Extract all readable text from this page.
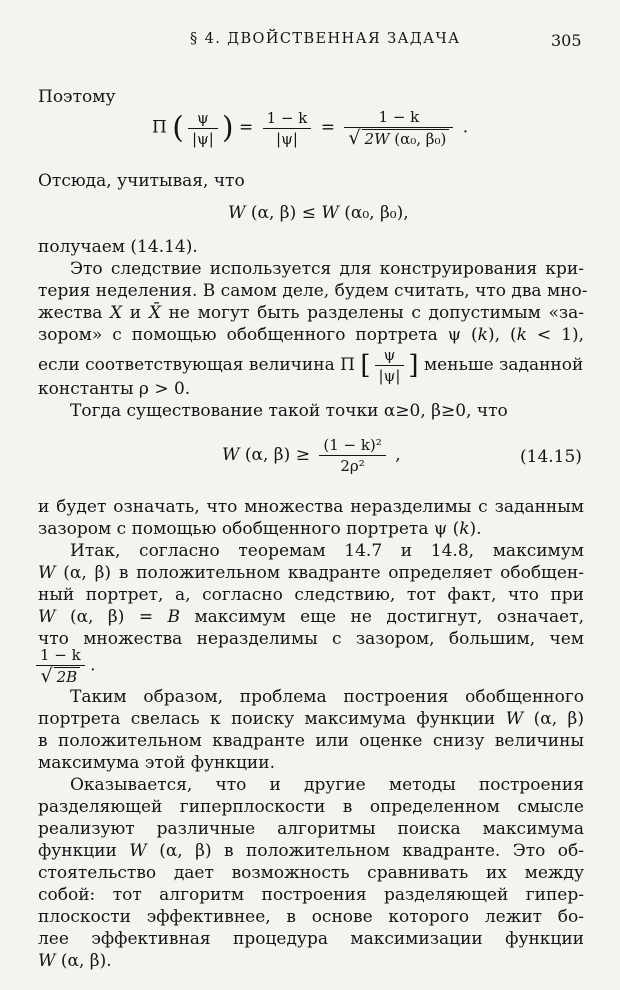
§ 4. ДВОЙСТВЕННАЯ ЗАДАЧА	305
Поэтому
П ( $\frac{\psi}{|\psi|}$ ) = $\frac{1 - k}{|\psi|} = \frac{1 - k}{\text{√ 2W (α₀, β₀)}}$ .
Отсюда, учитывая, что
W (α, β) ≤ W (α₀, β₀),
получаем (14.14).
Это следствие используется для конструирования кри-
терия неделения. В самом деле, будем считать, что два мно-
жества X и X̄ не могут быть разделены с допустимым «за-
зором» с помощью обобщенного портрета ψ (k), (k < 1),
если соответствующая величина П [ $\frac{\psi}{|\psi|}$ ] меньше заданной
константы ρ > 0.
Тогда существование такой точки α≥0, β≥0, что
W (α, $\beta) \ge \frac{\text{(1 − k)²}}{\text{2ρ²}}$ ,	(14.15)
и будет означать, что множества неразделимы с заданным
зазором с помощью обобщенного портрета ψ (k).
Итак, согласно теоремам 14.7 и 14.8, максимум
W (α, β) в положительном квадранте определяет обобщен-
ный портрет, а, согласно следствию, тот факт, что при
W (α, β) = B максимум еще не достигнут, означает,
что множества неразделимы с зазором, большим, чем
$\frac{1 - k}{√ 2B}$ .
Таким образом, проблема построения обобщенного
портрета свелась к поиску максимума функции W (α, β)
в положительном квадранте или оценке снизу величины
максимума этой функции.
Оказывается, что и другие методы построения
разделяющей гиперплоскости в определенном смысле
реализуют различные алгоритмы поиска максимума
функции W (α, β) в положительном квадранте. Это об-
стоятельство дает возможность сравнивать их между
собой: тот алгоритм построения разделяющей гипер-
плоскости эффективнее, в основе которого лежит бо-
лее эффективная процедура максимизации функции
W (α, β).
